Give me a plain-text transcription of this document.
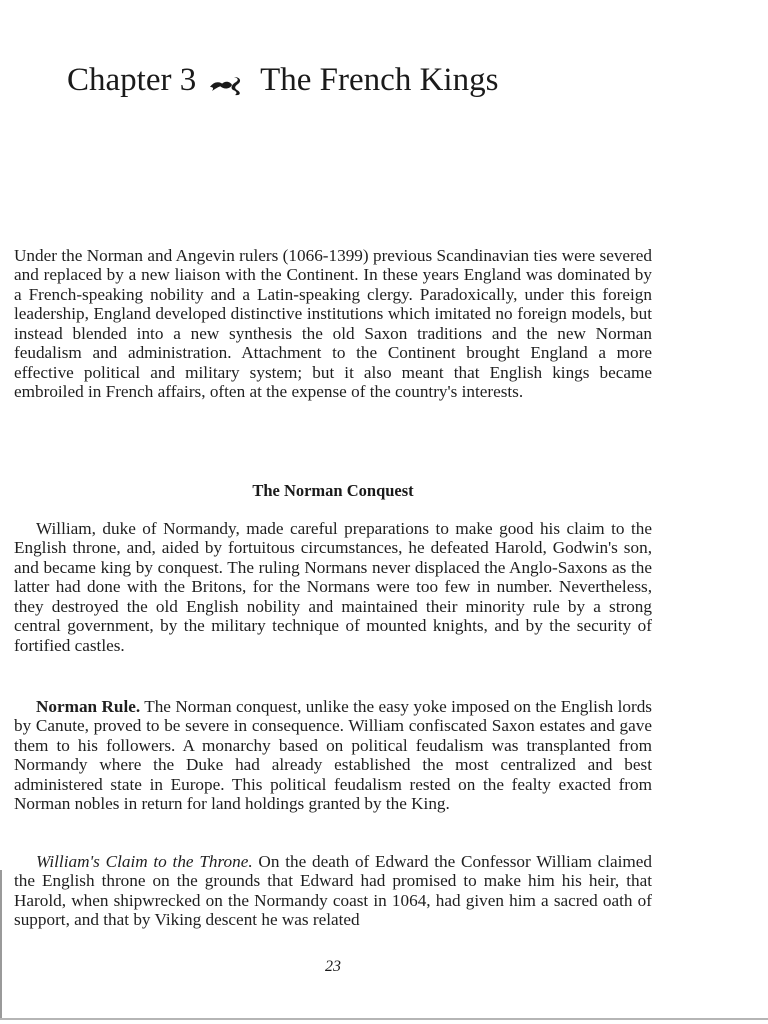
Chapter 3 The French Kings
Under the Norman and Angevin rulers (1066-1399) previous Scandinavian ties were severed and replaced by a new liaison with the Continent. In these years England was dominated by a French-speaking nobility and a Latin-speaking clergy. Paradoxically, under this foreign leadership, England developed distinctive institutions which imitated no foreign models, but instead blended into a new synthesis the old Saxon traditions and the new Norman feudalism and administration. Attachment to the Continent brought England a more effective political and military system; but it also meant that English kings became embroiled in French affairs, often at the expense of the country's interests.
The Norman Conquest
William, duke of Normandy, made careful preparations to make good his claim to the English throne, and, aided by fortuitous circumstances, he defeated Harold, Godwin's son, and became king by conquest. The ruling Normans never displaced the Anglo-Saxons as the latter had done with the Britons, for the Normans were too few in number. Nevertheless, they destroyed the old English nobility and maintained their minority rule by a strong central government, by the military technique of mounted knights, and by the security of fortified castles.
Norman Rule. The Norman conquest, unlike the easy yoke imposed on the English lords by Canute, proved to be severe in consequence. William confiscated Saxon estates and gave them to his followers. A monarchy based on political feudalism was transplanted from Normandy where the Duke had already established the most centralized and best administered state in Europe. This political feudalism rested on the fealty exacted from Norman nobles in return for land holdings granted by the King.
William's Claim to the Throne. On the death of Edward the Confessor William claimed the English throne on the grounds that Edward had promised to make him his heir, that Harold, when shipwrecked on the Normandy coast in 1064, had given him a sacred oath of support, and that by Viking descent he was related
23
